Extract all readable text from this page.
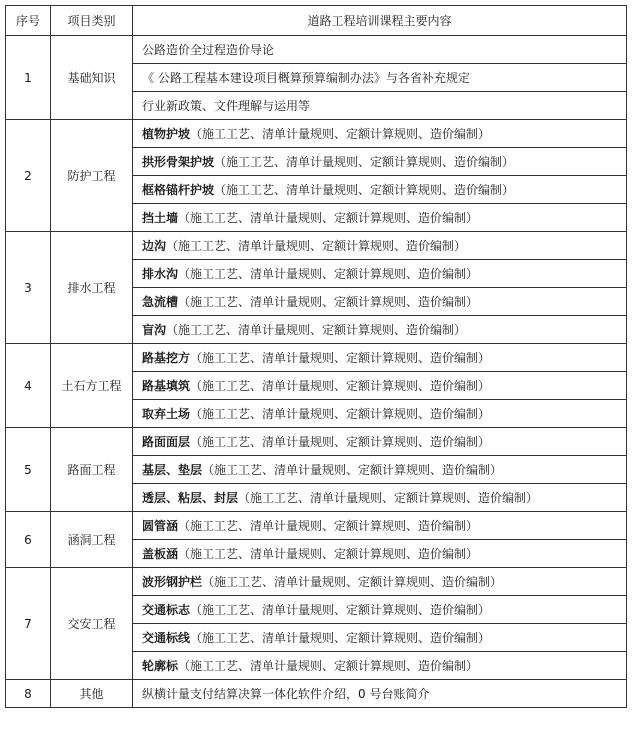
序号	项目类别	道路工程培训课程主要内容
1	基础知识	公路造价全过程造价导论
		《 公路工程基本建设项目概算预算编制办法》与各省补充规定
		行业新政策、文件理解与运用等
2	防护工程	植物护坡（施工工艺、清单计量规则、定额计算规则、造价编制）
		拱形骨架护坡（施工工艺、清单计量规则、定额计算规则、造价编制）
		框格锚杆护坡（施工工艺、清单计量规则、定额计算规则、造价编制）
		挡土墙（施工工艺、清单计量规则、定额计算规则、造价编制）
3	排水工程	边沟（施工工艺、清单计量规则、定额计算规则、造价编制）
		排水沟（施工工艺、清单计量规则、定额计算规则、造价编制）
		急流槽（施工工艺、清单计量规则、定额计算规则、造价编制）
		盲沟（施工工艺、清单计量规则、定额计算规则、造价编制）
4	土石方工程	路基挖方（施工工艺、清单计量规则、定额计算规则、造价编制）
		路基填筑（施工工艺、清单计量规则、定额计算规则、造价编制）
		取弃土场（施工工艺、清单计量规则、定额计算规则、造价编制）
5	路面工程	路面面层（施工工艺、清单计量规则、定额计算规则、造价编制）
		基层、垫层（施工工艺、清单计量规则、定额计算规则、造价编制）
		透层、粘层、封层（施工工艺、清单计量规则、定额计算规则、造价编制）
6	涵洞工程	圆管涵（施工工艺、清单计量规则、定额计算规则、造价编制）
		盖板涵（施工工艺、清单计量规则、定额计算规则、造价编制）
7	交安工程	波形钢护栏（施工工艺、清单计量规则、定额计算规则、造价编制）
		交通标志（施工工艺、清单计量规则、定额计算规则、造价编制）
		交通标线（施工工艺、清单计量规则、定额计算规则、造价编制）
		轮廓标（施工工艺、清单计量规则、定额计算规则、造价编制）
8	其他	纵横计量支付结算决算一体化软件介绍，0 号台账简介
